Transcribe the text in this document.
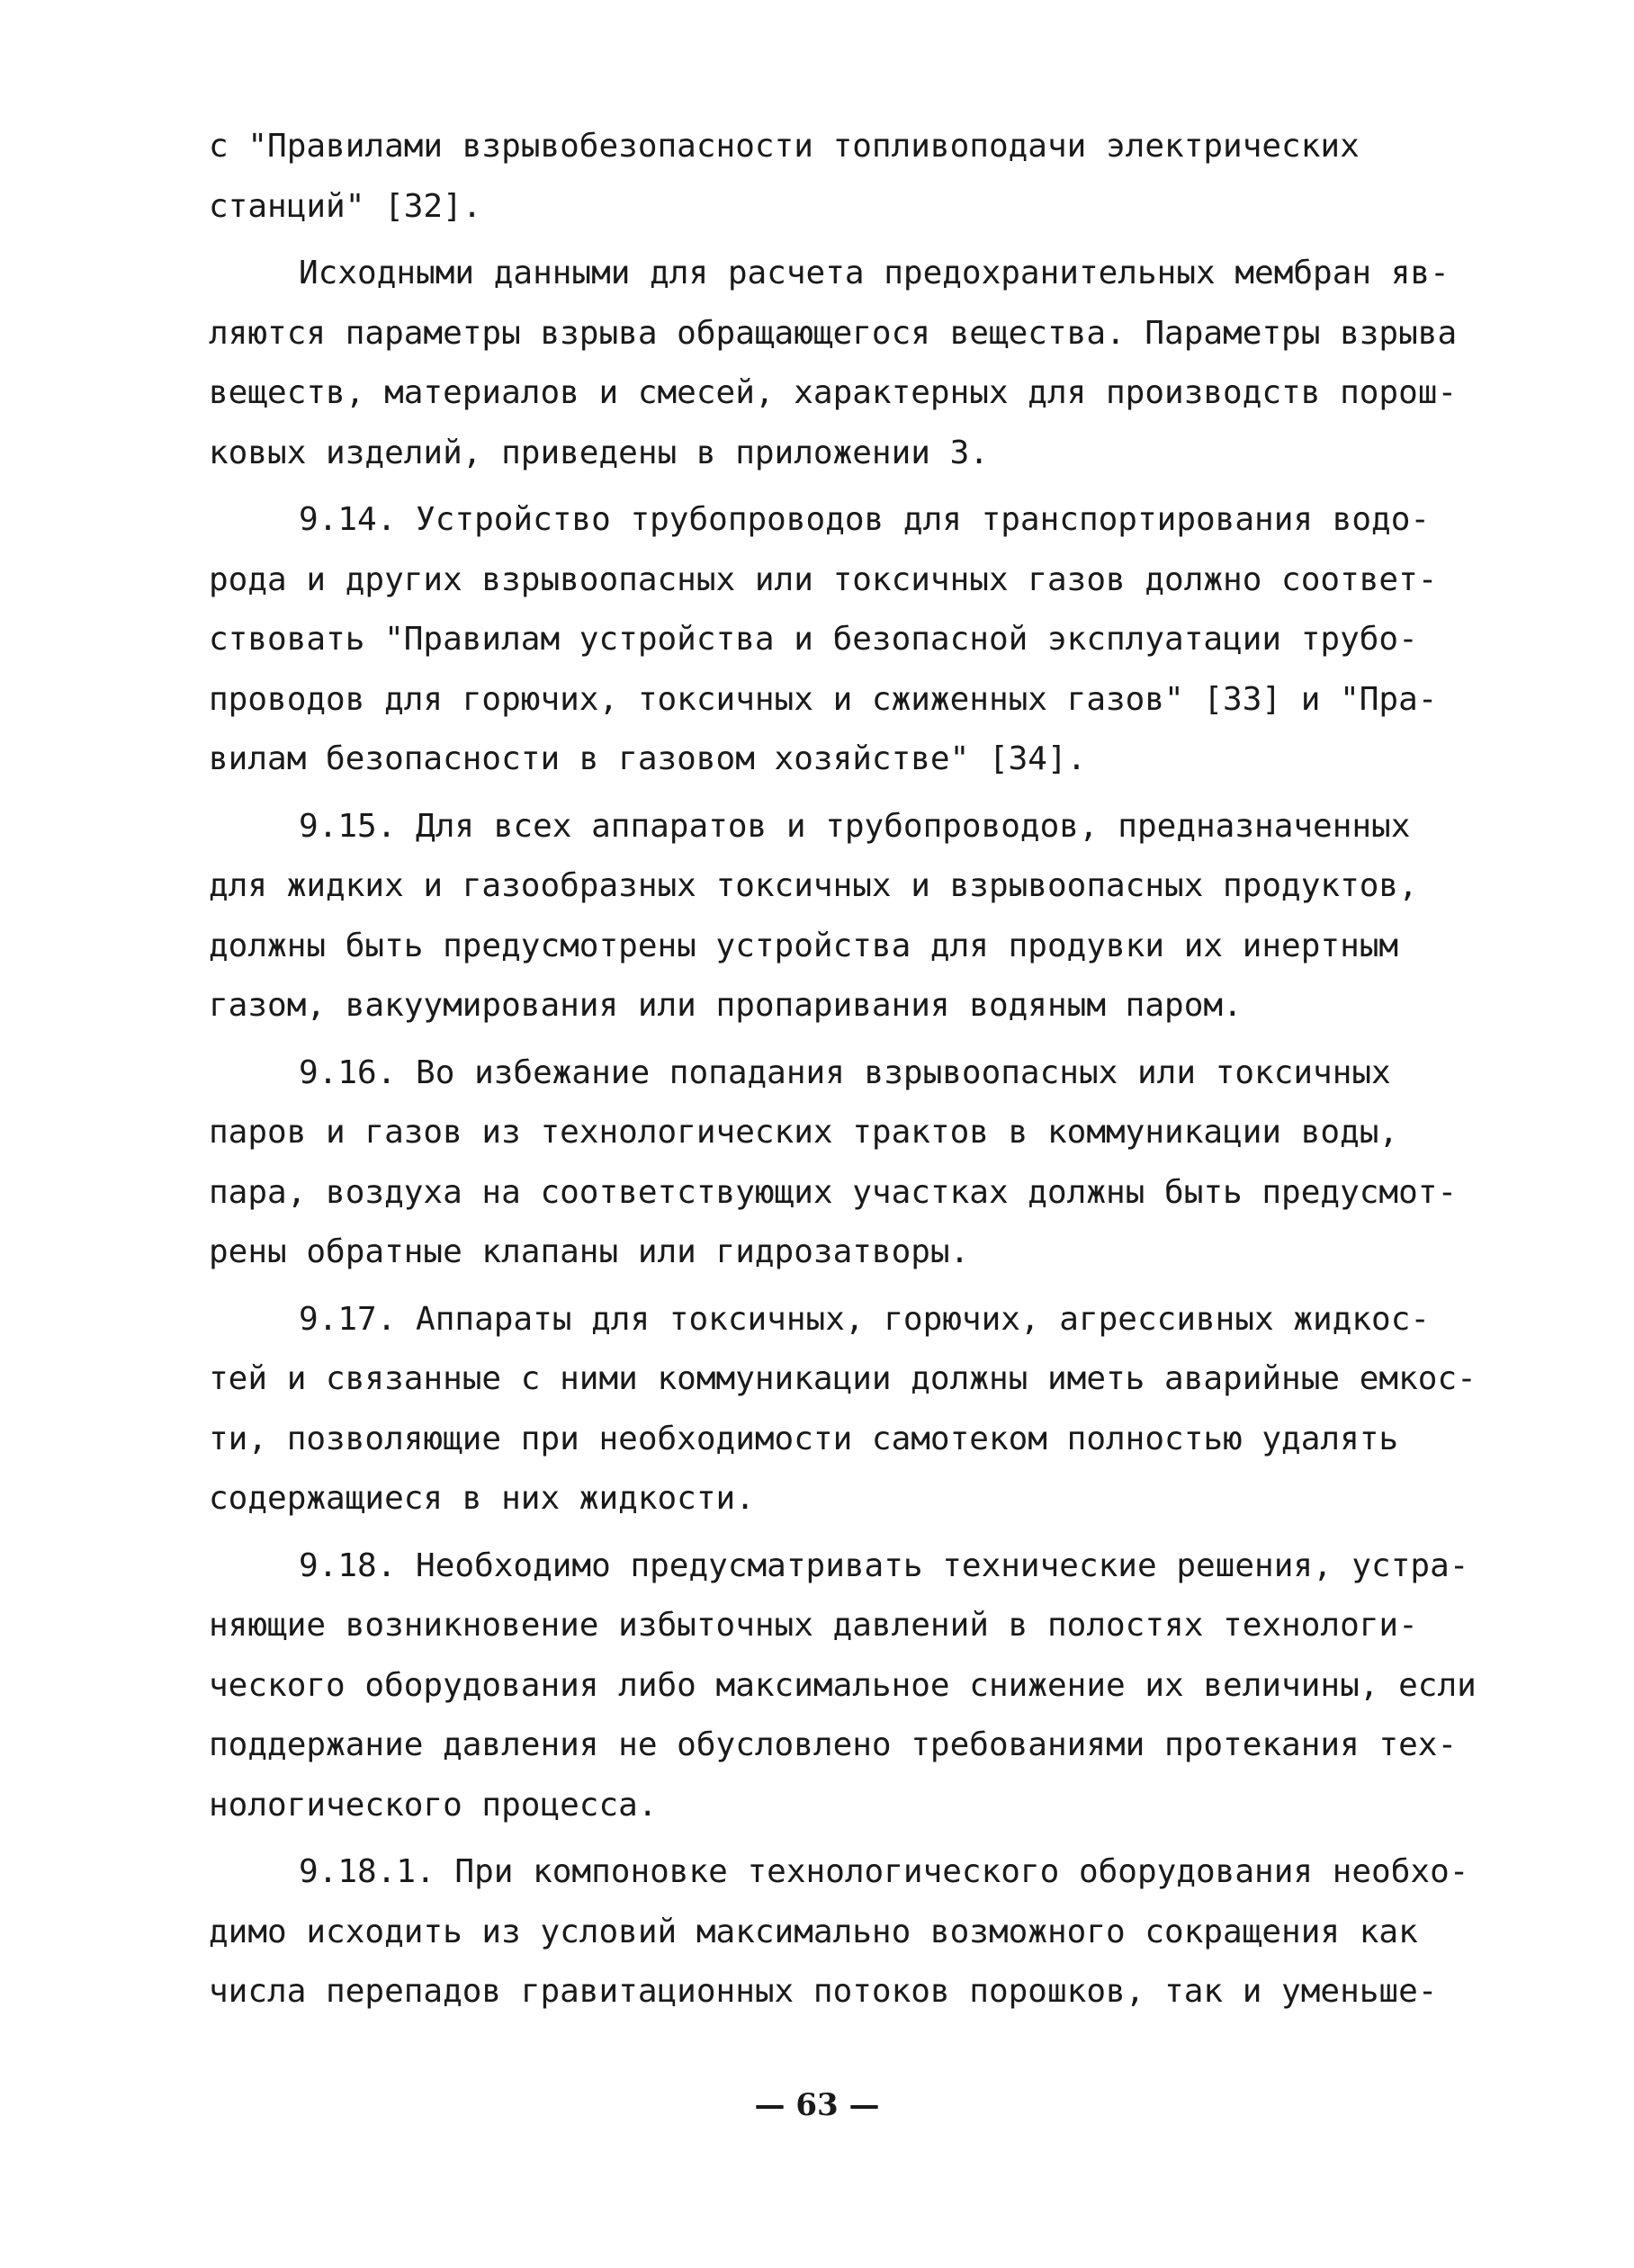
с "Правилами взрывобезопасности топливоподачи электрических
станций" [32].
Исходными данными для расчета предохранительных мембран яв-
ляются параметры взрыва обращающегося вещества. Параметры взрыва
веществ, материалов и смесей, характерных для производств порош-
ковых изделий, приведены в приложении 3.
9.14. Устройство трубопроводов для транспортирования водо-
рода и других взрывоопасных или токсичных газов должно соответ-
ствовать "Правилам устройства и безопасной эксплуатации трубо-
проводов для горючих, токсичных и сжиженных газов" [33] и "Пра-
вилам безопасности в газовом хозяйстве" [34].
9.15. Для всех аппаратов и трубопроводов, предназначенных
для жидких и газообразных токсичных и взрывоопасных продуктов,
должны быть предусмотрены устройства для продувки их инертным
газом, вакуумирования или пропаривания водяным паром.
9.16. Во избежание попадания взрывоопасных или токсичных
паров и газов из технологических трактов в коммуникации воды,
пара, воздуха на соответствующих участках должны быть предусмот-
рены обратные клапаны или гидрозатворы.
9.17. Аппараты для токсичных, горючих, агрессивных жидкос-
тей и связанные с ними коммуникации должны иметь аварийные емкос-
ти, позволяющие при необходимости самотеком полностью удалять
содержащиеся в них жидкости.
9.18. Необходимо предусматривать технические решения, устра-
няющие возникновение избыточных давлений в полостях технологи-
ческого оборудования либо максимальное снижение их величины, если
поддержание давления не обусловлено требованиями протекания тех-
нологического процесса.
9.18.1. При компоновке технологического оборудования необхо-
димо исходить из условий максимально возможного сокращения как
числа перепадов гравитационных потоков порошков, так и уменьше-
— 63 —
